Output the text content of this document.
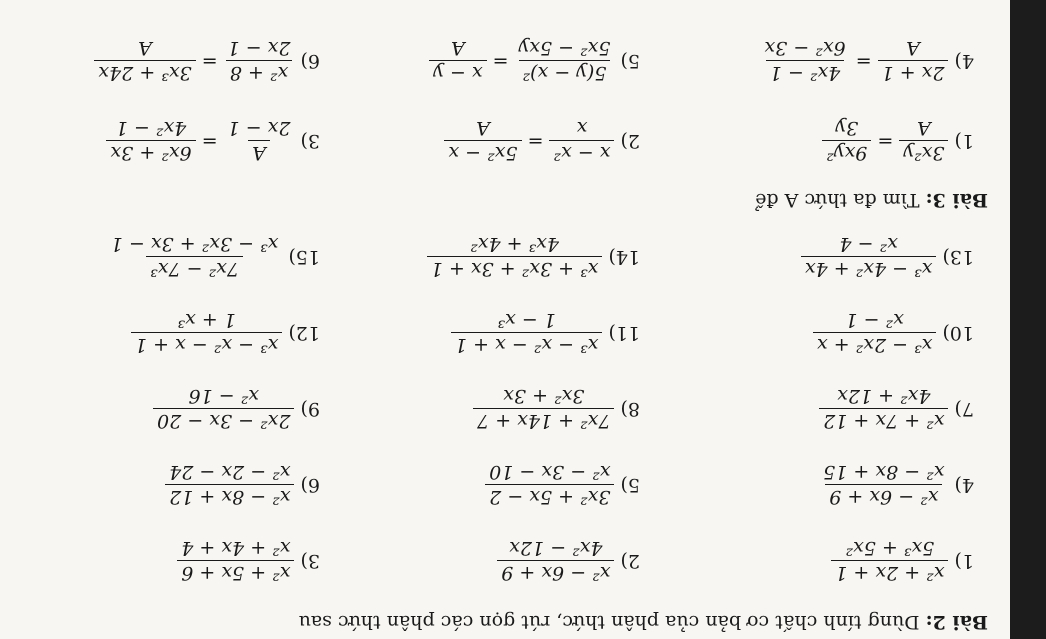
Bài 2: Dùng tính chất cơ bản của phân thức, rút gọn các phân thức sau
1)
x² + 2x + 1
5x³ + 5x²
2)
x² − 6x + 9
4x² − 12x
3)
x² + 5x + 6
x² + 4x + 4
4)
x² − 6x + 9
x² − 8x + 15
5)
3x² + 5x − 2
x² − 3x − 10
6)
x² − 8x + 12
x² − 2x − 24
7)
x² + 7x + 12
4x² + 12x
8)
7x² + 14x + 7
3x² + 3x
9)
2x² − 3x − 20
x² − 16
10)
x³ − 2x² + x
x² − 1
11)
x³ − x² − x + 1
1 − x³
12)
x³ − x² − x + 1
1 + x³
13)
x³ − 4x² + 4x
x² − 4
14)
x³ + 3x² + 3x + 1
4x³ + 4x²
15)
7x² − 7x³
x³ − 3x² + 3x − 1
Bài 3: Tìm đa thức A để
1)
3x²y
A
=
9xy²
3y
2)
x − x²
x
=
5x² − x
A
3)
A
2x − 1
=
6x² + 3x
4x² − 1
4)
2x + 1
A
=
4x² − 1
6x² − 3x
5)
5(y − x)²
5x² − 5xy
=
x − y
A
6)
x² + 8
2x − 1
=
3x³ + 24x
A
